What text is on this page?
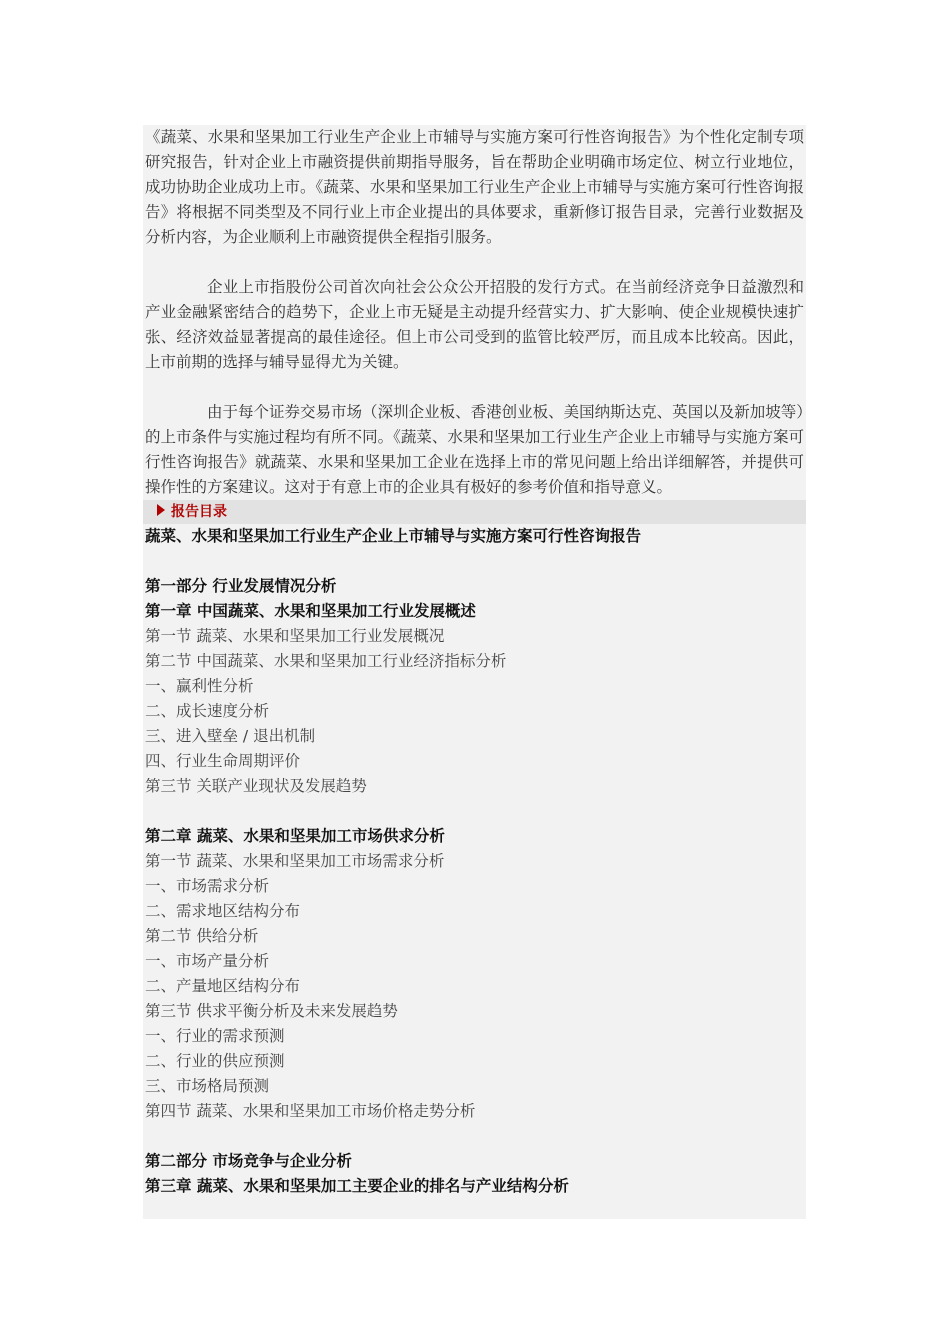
《蔬菜、水果和坚果加工行业生产企业上市辅导与实施方案可行性咨询报告》为个性化定制专项研究报告，针对企业上市融资提供前期指导服务，旨在帮助企业明确市场定位、树立行业地位，成功协助企业成功上市。《蔬菜、水果和坚果加工行业生产企业上市辅导与实施方案可行性咨询报告》将根据不同类型及不同行业上市企业提出的具体要求，重新修订报告目录，完善行业数据及分析内容，为企业顺利上市融资提供全程指引服务。

企业上市指股份公司首次向社会公众公开招股的发行方式。在当前经济竞争日益激烈和产业金融紧密结合的趋势下，企业上市无疑是主动提升经营实力、扩大影响、使企业规模快速扩张、经济效益显著提高的最佳途径。但上市公司受到的监管比较严厉，而且成本比较高。因此，上市前期的选择与辅导显得尤为关键。

由于每个证券交易市场（深圳企业板、香港创业板、美国纳斯达克、英国以及新加坡等）的上市条件与实施过程均有所不同。《蔬菜、水果和坚果加工行业生产企业上市辅导与实施方案可行性咨询报告》就蔬菜、水果和坚果加工企业在选择上市的常见问题上给出详细解答，并提供可操作性的方案建议。这对于有意上市的企业具有极好的参考价值和指导意义。

报告目录
蔬菜、水果和坚果加工行业生产企业上市辅导与实施方案可行性咨询报告
第一部分 行业发展情况分析
第一章 中国蔬菜、水果和坚果加工行业发展概述
第一节 蔬菜、水果和坚果加工行业发展概况
第二节 中国蔬菜、水果和坚果加工行业经济指标分析
一、赢利性分析
二、成长速度分析
三、进入壁垒 / 退出机制
四、行业生命周期评价
第三节 关联产业现状及发展趋势
第二章 蔬菜、水果和坚果加工市场供求分析
第一节 蔬菜、水果和坚果加工市场需求分析
一、市场需求分析
二、需求地区结构分布
第二节 供给分析
一、市场产量分析
二、产量地区结构分布
第三节 供求平衡分析及未来发展趋势
一、行业的需求预测
二、行业的供应预测
三、市场格局预测
第四节 蔬菜、水果和坚果加工市场价格走势分析
第二部分 市场竞争与企业分析
第三章 蔬菜、水果和坚果加工主要企业的排名与产业结构分析
